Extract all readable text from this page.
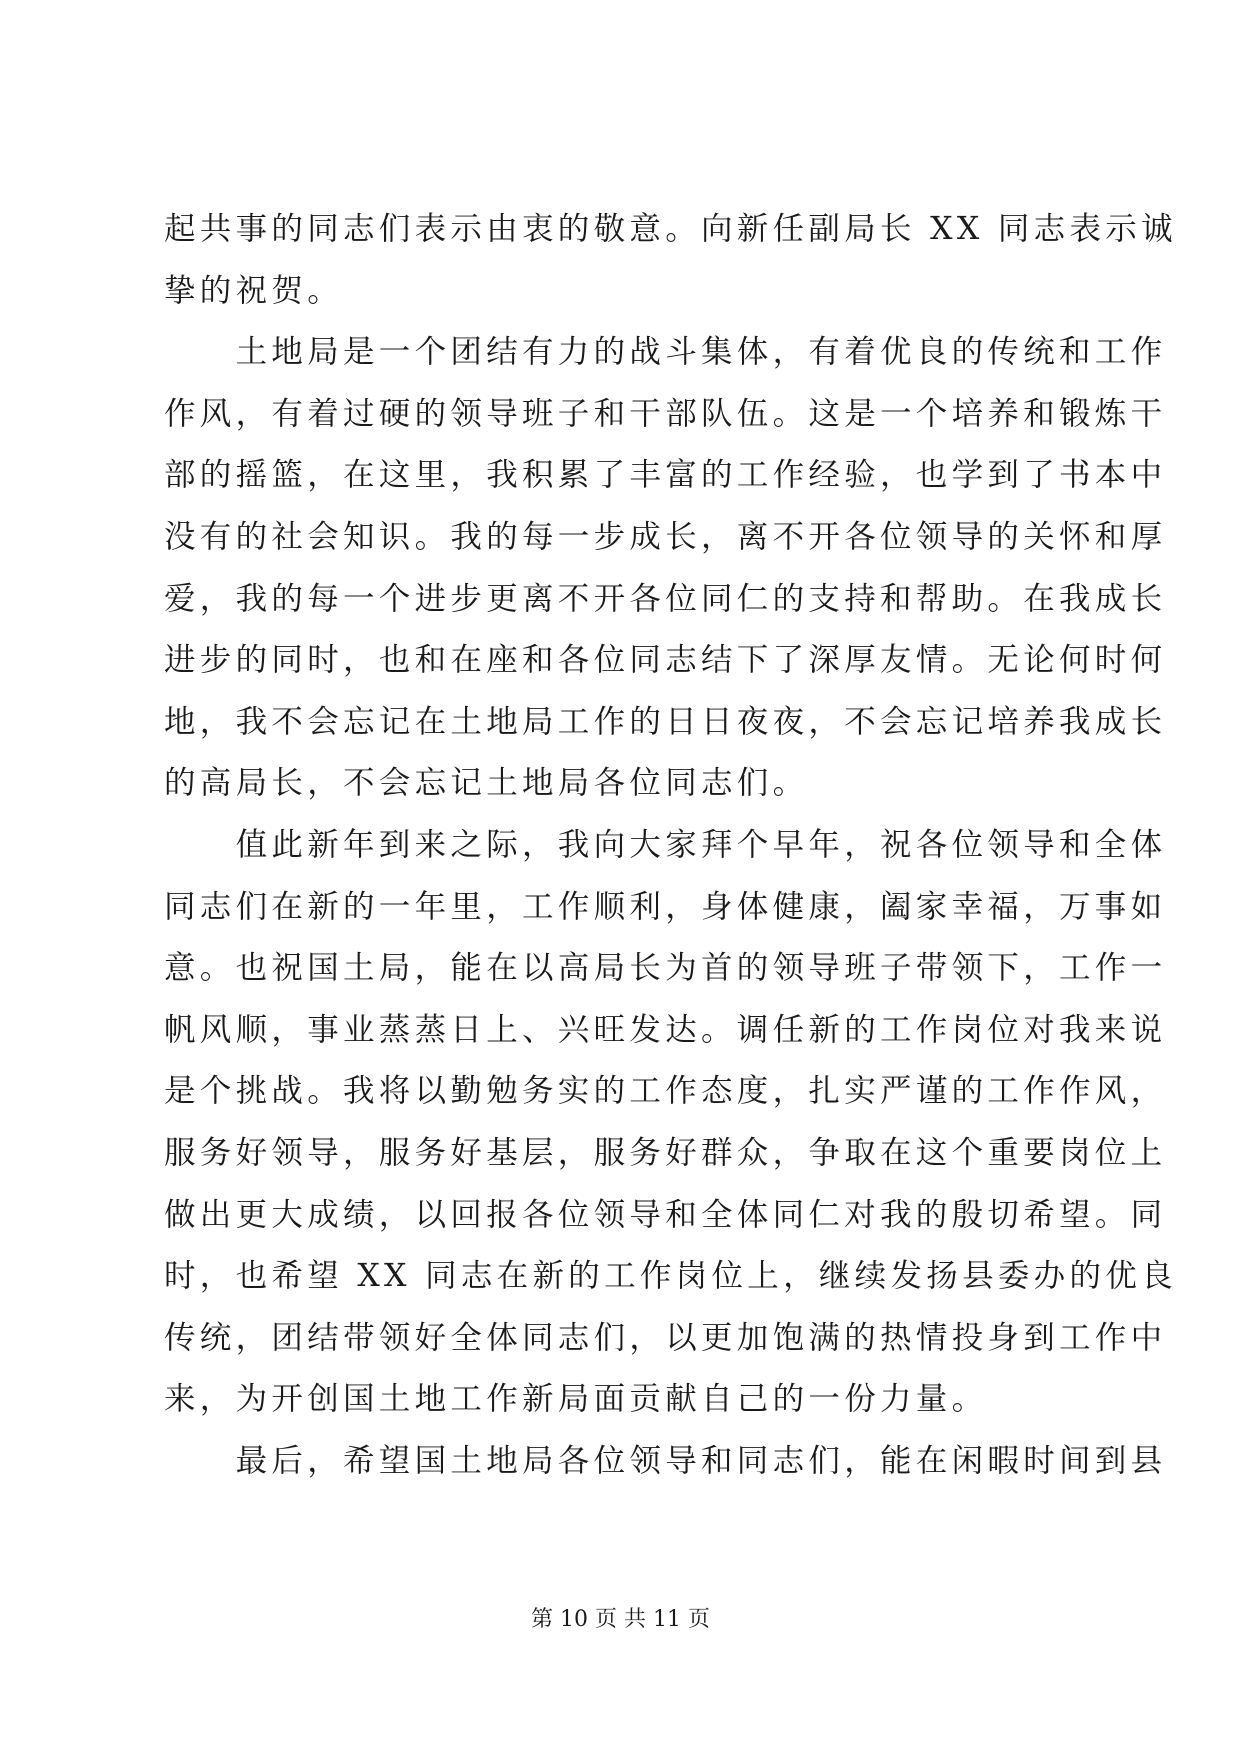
起共事的同志们表示由衷的敬意。向新任副局长 XX 同志表示诚
挚的祝贺。
　　土地局是一个团结有力的战斗集体，有着优良的传统和工作
作风，有着过硬的领导班子和干部队伍。这是一个培养和锻炼干
部的摇篮，在这里，我积累了丰富的工作经验，也学到了书本中
没有的社会知识。我的每一步成长，离不开各位领导的关怀和厚
爱，我的每一个进步更离不开各位同仁的支持和帮助。在我成长
进步的同时，也和在座和各位同志结下了深厚友情。无论何时何
地，我不会忘记在土地局工作的日日夜夜，不会忘记培养我成长
的高局长，不会忘记土地局各位同志们。
　　值此新年到来之际，我向大家拜个早年，祝各位领导和全体
同志们在新的一年里，工作顺利，身体健康，阖家幸福，万事如
意。也祝国土局，能在以高局长为首的领导班子带领下，工作一
帆风顺，事业蒸蒸日上、兴旺发达。调任新的工作岗位对我来说
是个挑战。我将以勤勉务实的工作态度，扎实严谨的工作作风，
服务好领导，服务好基层，服务好群众，争取在这个重要岗位上
做出更大成绩，以回报各位领导和全体同仁对我的殷切希望。同
时，也希望 XX 同志在新的工作岗位上，继续发扬县委办的优良
传统，团结带领好全体同志们，以更加饱满的热情投身到工作中
来，为开创国土地工作新局面贡献自己的一份力量。
　　最后，希望国土地局各位领导和同志们，能在闲暇时间到县
第 10 页 共 11 页
